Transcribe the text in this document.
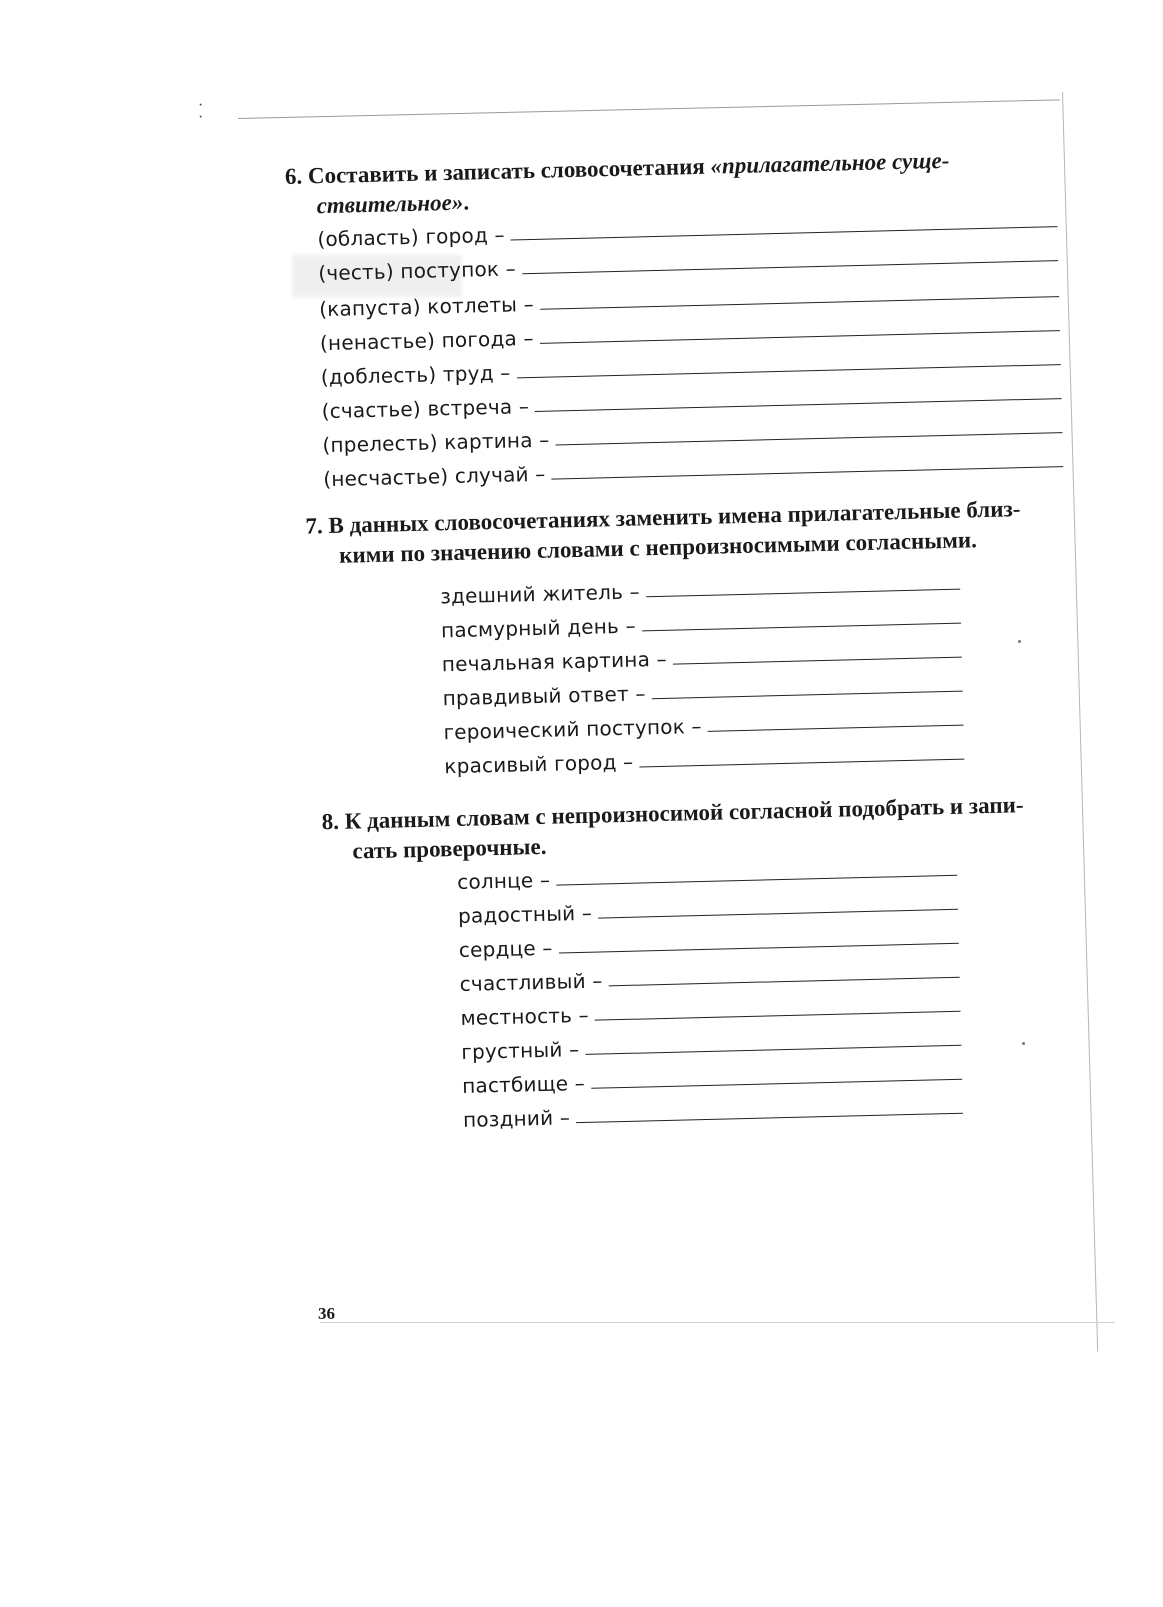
·
·
6. Составить и записать словосочетания «прилагательное суще-
ствительное».
(область) город –
(честь) поступок –
(капуста) котлеты –
(ненастье) погода –
(доблесть) труд –
(счастье) встреча –
(прелесть) картина –
(несчастье) случай –
7. В данных словосочетаниях заменить имена прилагательные близ-
кими по значению словами с непроизносимыми согласными.
здешний житель –
пасмурный день –
печальная картина –
правдивый ответ –
героический поступок –
красивый город –
8. К данным словам с непроизносимой согласной подобрать и запи-
сать проверочные.
солнце –
радостный –
сердце –
счастливый –
местность –
грустный –
пастбище –
поздний –
36
